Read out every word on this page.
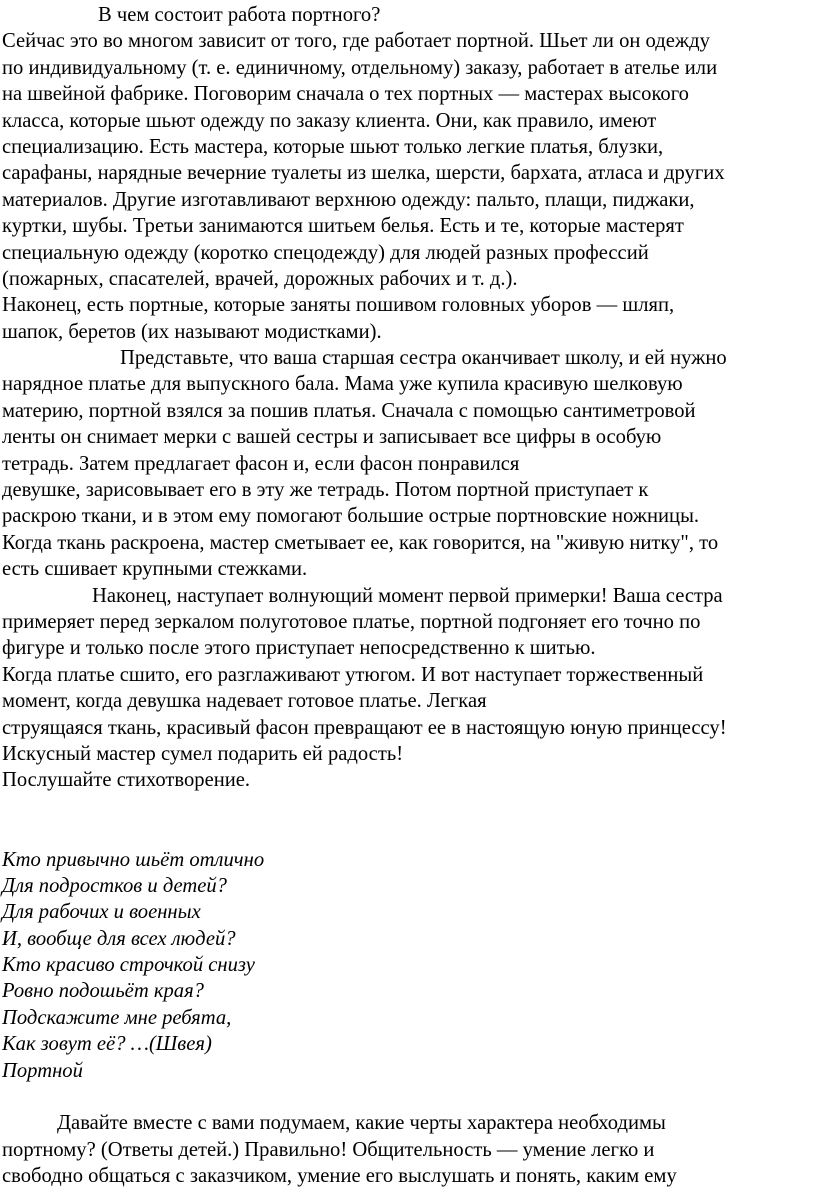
В чем состоит работа портного?
Сейчас это во многом зависит от того, где работает портной. Шьет ли он одежду
по индивидуальному (т. е. единичному, отдельному) заказу, работает в ателье или
на швейной фабрике. Поговорим сначала о тех портных — мастерах высокого
класса, которые шьют одежду по заказу клиента. Они, как правило, имеют
специализацию. Есть мастера, которые шьют только легкие платья, блузки,
сарафаны, нарядные вечерние туалеты из шелка, шерсти, бархата, атласа и других
материалов. Другие изготавливают верхнюю одежду: пальто, плащи, пиджаки,
куртки, шубы. Третьи занимаются шитьем белья. Есть и те, которые мастерят
специальную одежду (коротко спецодежду) для людей разных профессий
(пожарных, спасателей, врачей, дорожных рабочих и т. д.).
Наконец, есть портные, которые заняты пошивом головных уборов — шляп,
шапок, беретов (их называют модистками).
Представьте, что ваша старшая сестра оканчивает школу, и ей нужно
нарядное платье для выпускного бала. Мама уже купила красивую шелковую
материю, портной взялся за пошив платья. Сначала с помощью сантиметровой
ленты он снимает мерки с вашей сестры и записывает все цифры в особую
тетрадь. Затем предлагает фасон и, если фасон понравился
девушке, зарисовывает его в эту же тетрадь. Потом портной приступает к
раскрою ткани, и в этом ему помогают большие острые портновские ножницы.
Когда ткань раскроена, мастер сметывает ее, как говорится, на "живую нитку", то
есть сшивает крупными стежками.
Наконец, наступает волнующий момент первой примерки! Ваша сестра
примеряет перед зеркалом полуготовое платье, портной подгоняет его точно по
фигуре и только после этого приступает непосредственно к шитью.
Когда платье сшито, его разглаживают утюгом. И вот наступает торжественный
момент, когда девушка надевает готовое платье. Легкая
струящаяся ткань, красивый фасон превращают ее в настоящую юную принцессу!
Искусный мастер сумел подарить ей радость!
Послушайте стихотворение.
Кто привычно шьёт отлично
Для подростков и детей?
Для рабочих и военных
И, вообще для всех людей?
Кто красиво строчкой снизу
Ровно подошьёт края?
Подскажите мне ребята,
Как зовут её? …(Швея)
Портной
Давайте вместе с вами подумаем, какие черты характера необходимы
портному? (Ответы детей.) Правильно! Общительность — умение легко и
свободно общаться с заказчиком, умение его выслушать и понять, каким ему
